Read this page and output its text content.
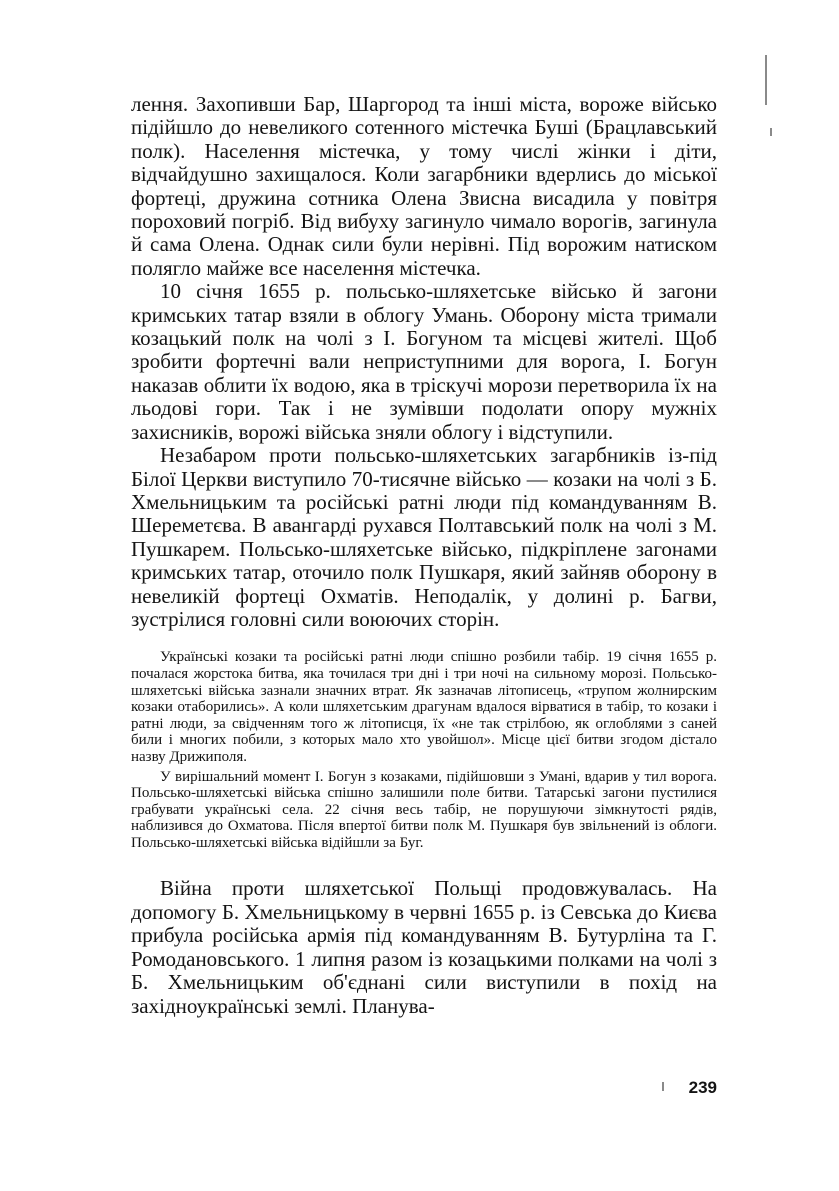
лення. Захопивши Бар, Шаргород та інші міста, вороже військо підійшло до невеликого сотенного містечка Буші (Брацлавський полк). Населення містечка, у тому числі жінки і діти, відчайдушно захищалося. Коли загарбники вдерлись до міської фортеці, дружина сотника Олена Звисна висадила у повітря пороховий погріб. Від вибуху загинуло чимало ворогів, загинула й сама Олена. Однак сили були нерівні. Під ворожим натиском полягло майже все населення містечка.

10 січня 1655 р. польсько-шляхетське військо й загони кримських татар взяли в облогу Умань. Оборону міста тримали козацький полк на чолі з І. Богуном та місцеві жителі. Щоб зробити фортечні вали неприступними для ворога, І. Богун наказав облити їх водою, яка в тріскучі морози перетворила їх на льодові гори. Так і не зумівши подолати опору мужніх захисників, ворожі війська зняли облогу і відступили.

Незабаром проти польсько-шляхетських загарбників із-під Білої Церкви виступило 70-тисячне військо — козаки на чолі з Б. Хмельницьким та російські ратні люди під командуванням В. Шереметєва. В авангарді рухався Полтавський полк на чолі з М. Пушкарем. Польсько-шляхетське військо, підкріплене загонами кримських татар, оточило полк Пушкаря, який зайняв оборону в невеликій фортеці Охматів. Неподалік, у долині р. Багви, зустрілися головні сили воюючих сторін.

Українські козаки та російські ратні люди спішно розбили табір. 19 січня 1655 р. почалася жорстока битва, яка точилася три дні і три ночі на сильному морозі. Польсько-шляхетські війська зазнали значних втрат. Як зазначав літописець, «трупом жолнирским козаки отаборились». А коли шляхетським драгунам вдалося вірватися в табір, то козаки і ратні люди, за свідченням того ж літописця, їх «не так стрілбою, як оглоблями з саней били і многих побили, з которых мало хто увойшол». Місце цієї битви згодом дістало назву Дрижиполя.

У вирішальний момент І. Богун з козаками, підійшовши з Умані, вдарив у тил ворога. Польсько-шляхетські війська спішно залишили поле битви. Татарські загони пустилися грабувати українські села. 22 січня весь табір, не порушуючи зімкнутості рядів, наблизився до Охматова. Після впертої битви полк М. Пушкаря був звільнений із облоги. Польсько-шляхетські війська відійшли за Буг.

Війна проти шляхетської Польщі продовжувалась. На допомогу Б. Хмельницькому в червні 1655 р. із Севська до Києва прибула російська армія під командуванням В. Бутурліна та Г. Ромодановського. 1 липня разом із козацькими полками на чолі з Б. Хмельницьким об'єднані сили виступили в похід на західноукраїнські землі. Планува-

239
